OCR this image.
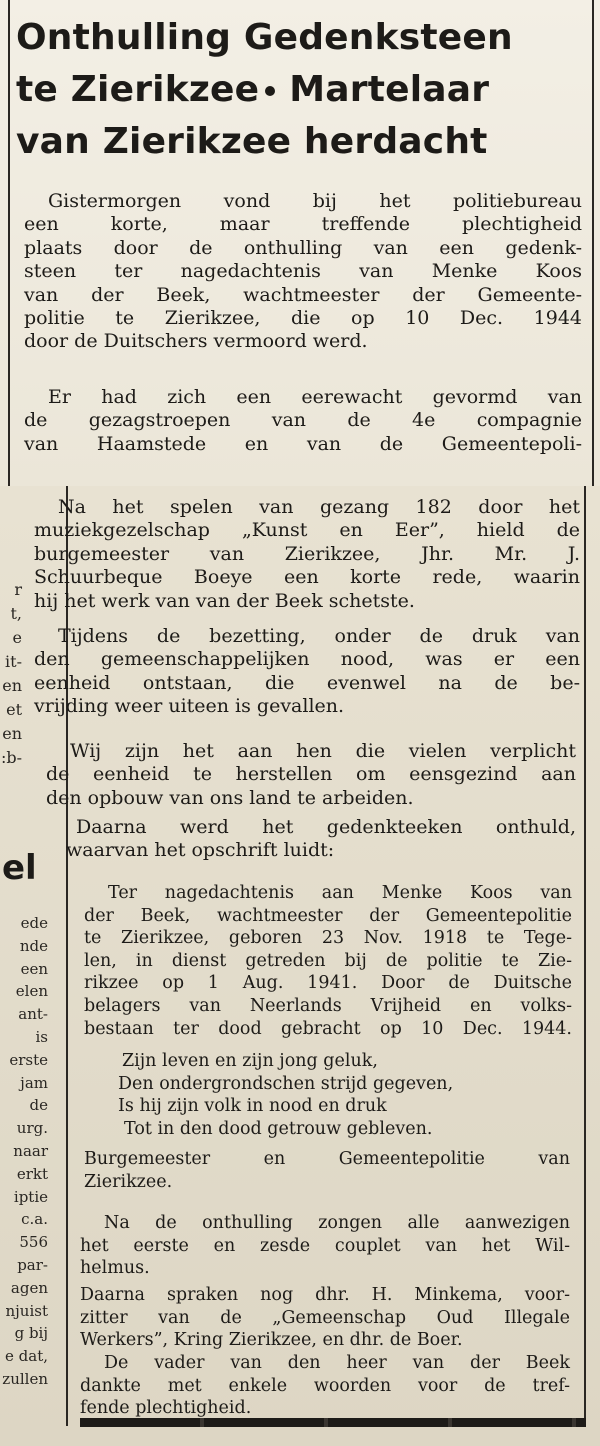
Onthulling Gedenksteen
te Zierikzee Martelaar
van Zierikzee herdacht
Gistermorgen vond bij het politiebureau
een korte, maar treffende plechtigheid
plaats door de onthulling van een gedenk-
steen ter nagedachtenis van Menke Koos
van der Beek, wachtmeester der Gemeente-
politie te Zierikzee, die op 10 Dec. 1944
door de Duitschers vermoord werd.
Er had zich een eerewacht gevormd van
de gezagstroepen van de 4e compagnie
van Haamstede en van de Gemeentepoli-
Na het spelen van gezang 182 door het
muziekgezelschap „Kunst en Eer”, hield de
burgemeester van Zierikzee, Jhr. Mr. J.
Schuurbeque Boeye een korte rede, waarin
hij het werk van van der Beek schetste.
Tijdens de bezetting, onder de druk van
den gemeenschappelijken nood, was er een
eenheid ontstaan, die evenwel na de be-
vrijding weer uiteen is gevallen.
Wij zijn het aan hen die vielen verplicht
de eenheid te herstellen om eensgezind aan
den opbouw van ons land te arbeiden.
Daarna werd het gedenkteeken onthuld,
waarvan het opschrift luidt:
Ter nagedachtenis aan Menke Koos van
der Beek, wachtmeester der Gemeentepolitie
te Zierikzee, geboren 23 Nov. 1918 te Tege-
len, in dienst getreden bij de politie te Zie-
rikzee op 1 Aug. 1941. Door de Duitsche
belagers van Neerlands Vrijheid en volks-
bestaan ter dood gebracht op 10 Dec. 1944.
Zijn leven en zijn jong geluk,
Den ondergrondschen strijd gegeven,
Is hij zijn volk in nood en druk
Tot in den dood getrouw gebleven.
Burgemeester en Gemeentepolitie van
Zierikzee.
Na de onthulling zongen alle aanwezigen
het eerste en zesde couplet van het Wil-
helmus.
Daarna spraken nog dhr. H. Minkema, voor-
zitter van de „Gemeenschap Oud Illegale
Werkers”, Kring Zierikzee, en dhr. de Boer.
De vader van den heer van der Beek
dankte met enkele woorden voor de tref-
fende plechtigheid.
r
t,
e
it-
en
et
en
:b-
el
ede
nde
een
elen
ant-
is
erste
jam
de
urg.
naar
erkt
iptie
c.a.
556
par-
agen
njuist
g bij
e dat,
zullen
